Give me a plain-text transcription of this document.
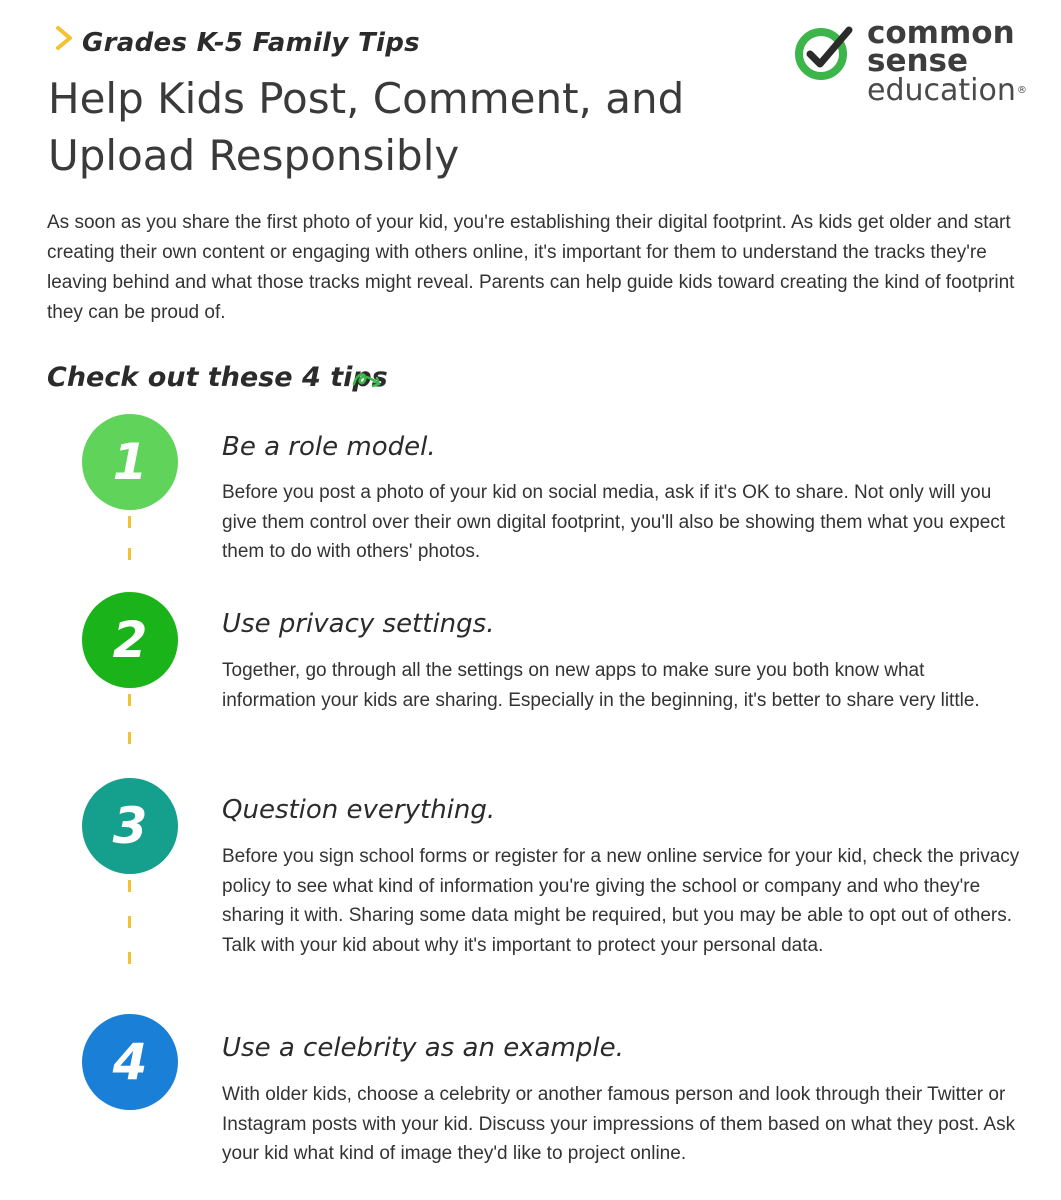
Grades K-5 Family Tips
Help Kids Post, Comment, and Upload Responsibly
common
sense
education®

As soon as you share the first photo of your kid, you're establishing their digital footprint. As kids get older and start creating their own content or engaging with others online, it's important for them to understand the tracks they're leaving behind and what those tracks might reveal. Parents can help guide kids toward creating the kind of footprint they can be proud of.

Check out these 4 tips
1	Be a role model.

Before you post a photo of your kid on social media, ask if it's OK to share. Not only will you give them control over their own digital footprint, you'll also be showing them what you expect them to do with others' photos.

2	Use privacy settings.

Together, go through all the settings on new apps to make sure you both know what information your kids are sharing. Especially in the beginning, it's better to share very little.

3	Question everything.

Before you sign school forms or register for a new online service for your kid, check the privacy policy to see what kind of information you're giving the school or company and who they're sharing it with. Sharing some data might be required, but you may be able to opt out of others. Talk with your kid about why it's important to protect your personal data.

4	Use a celebrity as an example.

With older kids, choose a celebrity or another famous person and look through their Twitter or Instagram posts with your kid. Discuss your impressions of them based on what they post. Ask your kid what kind of image they'd like to project online.
